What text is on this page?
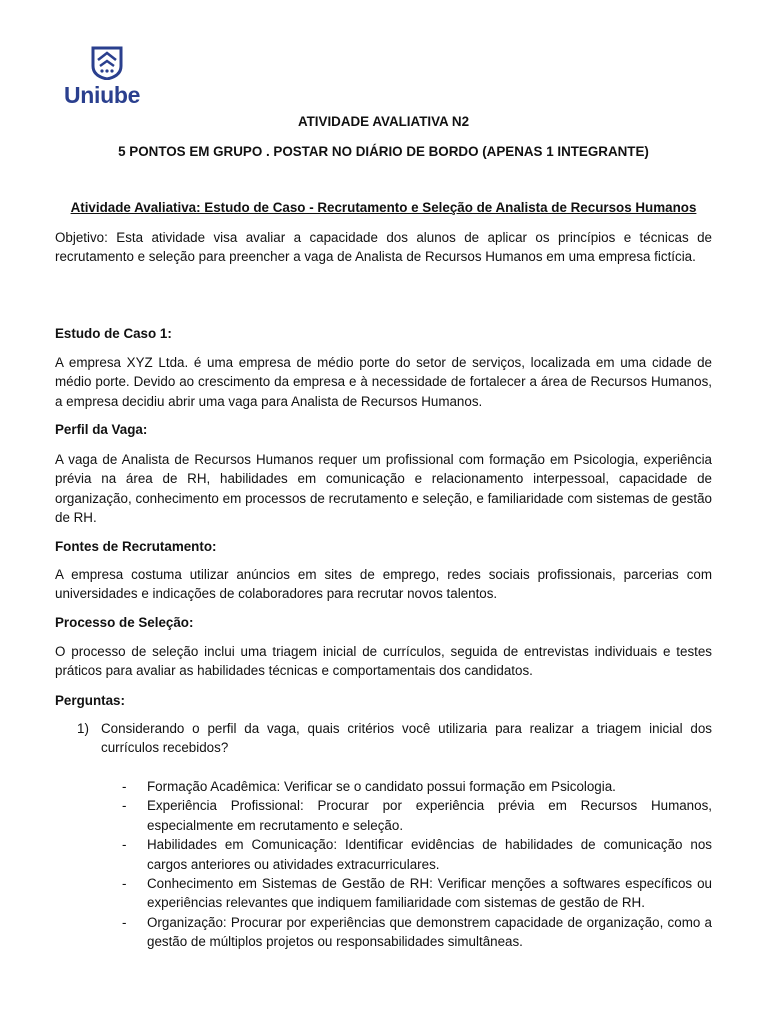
Uniube
ATIVIDADE AVALIATIVA N2
5 PONTOS EM GRUPO . POSTAR NO DIÁRIO DE BORDO (APENAS 1 INTEGRANTE)
Atividade Avaliativa: Estudo de Caso - Recrutamento e Seleção de Analista de Recursos Humanos

Objetivo: Esta atividade visa avaliar a capacidade dos alunos de aplicar os princípios e técnicas de recrutamento e seleção para preencher a vaga de Analista de Recursos Humanos em uma empresa fictícia.

Estudo de Caso 1:

A empresa XYZ Ltda. é uma empresa de médio porte do setor de serviços, localizada em uma cidade de médio porte. Devido ao crescimento da empresa e à necessidade de fortalecer a área de Recursos Humanos, a empresa decidiu abrir uma vaga para Analista de Recursos Humanos.

Perfil da Vaga:

A vaga de Analista de Recursos Humanos requer um profissional com formação em Psicologia, experiência prévia na área de RH, habilidades em comunicação e relacionamento interpessoal, capacidade de organização, conhecimento em processos de recrutamento e seleção, e familiaridade com sistemas de gestão de RH.

Fontes de Recrutamento:

A empresa costuma utilizar anúncios em sites de emprego, redes sociais profissionais, parcerias com universidades e indicações de colaboradores para recrutar novos talentos.

Processo de Seleção:

O processo de seleção inclui uma triagem inicial de currículos, seguida de entrevistas individuais e testes práticos para avaliar as habilidades técnicas e comportamentais dos candidatos.

Perguntas:
1) Considerando o perfil da vaga, quais critérios você utilizaria para realizar a triagem inicial dos currículos recebidos?
- Formação Acadêmica: Verificar se o candidato possui formação em Psicologia.
- Experiência Profissional: Procurar por experiência prévia em Recursos Humanos, especialmente em recrutamento e seleção.
- Habilidades em Comunicação: Identificar evidências de habilidades de comunicação nos cargos anteriores ou atividades extracurriculares.
- Conhecimento em Sistemas de Gestão de RH: Verificar menções a softwares específicos ou experiências relevantes que indiquem familiaridade com sistemas de gestão de RH.
- Organização: Procurar por experiências que demonstrem capacidade de organização, como a gestão de múltiplos projetos ou responsabilidades simultâneas.
